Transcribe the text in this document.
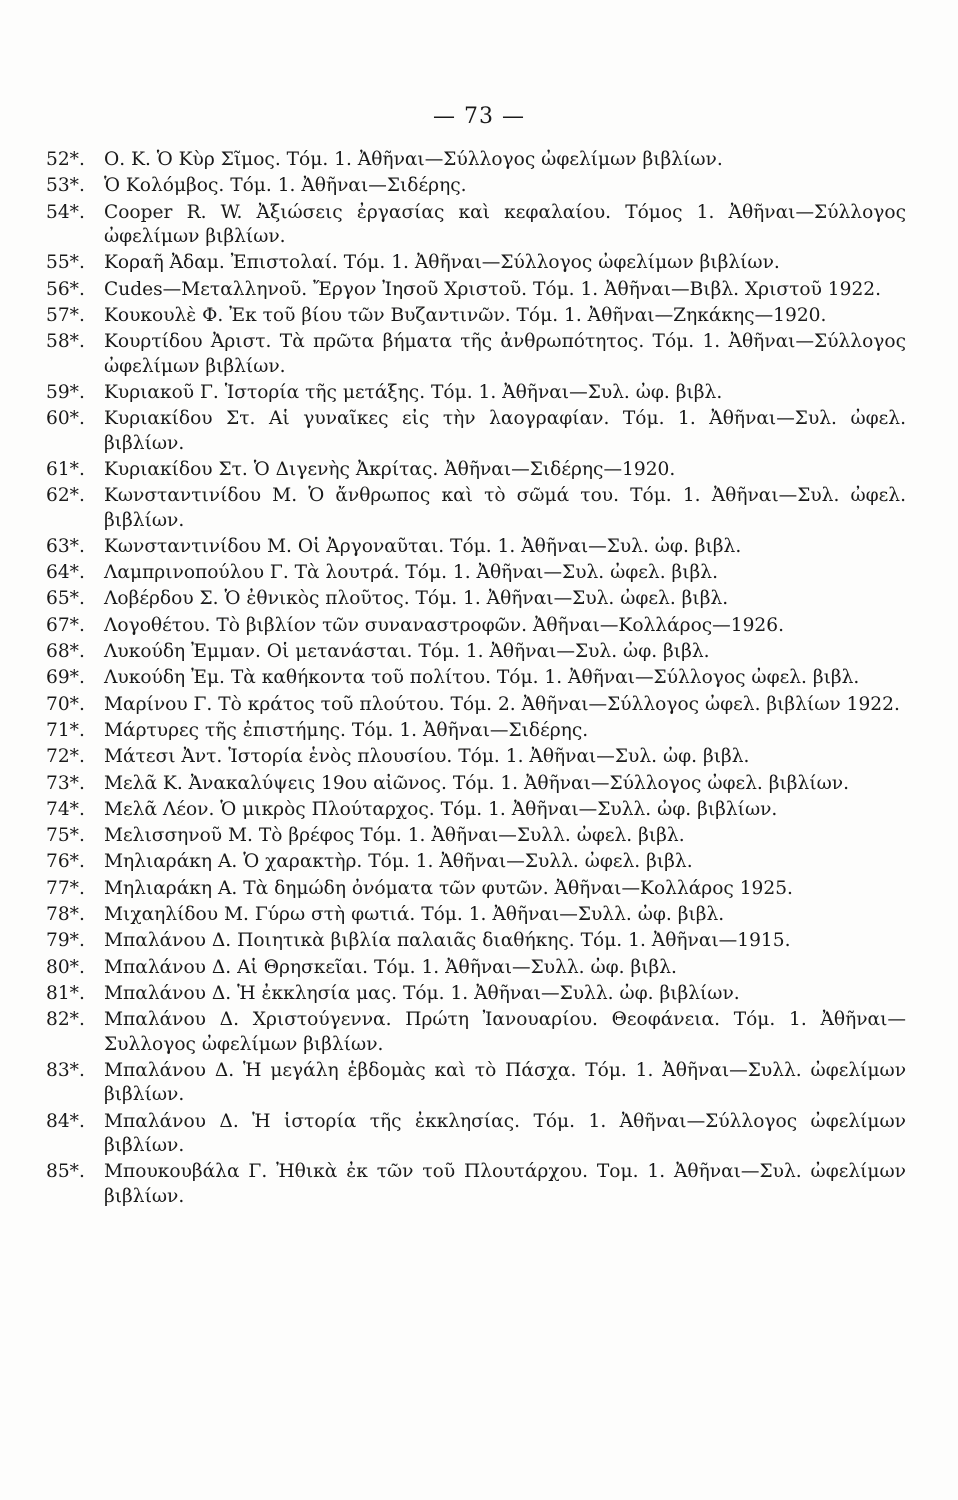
— 73 —
52*.	Ο. Κ. Ὁ Κὺρ Σῖμος. Τόμ. 1. Ἀθῆναι—Σύλλογος ὠφελίμων βιβλίων.
53*.	Ὁ Κολόμβος. Τόμ. 1. Ἀθῆναι—Σιδέρης.
54*.	Cooper R. W. Ἀξιώσεις ἐργασίας καὶ κεφαλαίου. Τόμος 1. Ἀθῆναι—Σύλλογος ὠφελίμων βιβλίων.
55*.	Κοραῆ Ἀδαμ. Ἐπιστολαί. Τόμ. 1. Ἀθῆναι—Σύλλογος ὠφελίμων βιβλίων.
56*.	Cudes—Μεταλληνοῦ. Ἔργον Ἰησοῦ Χριστοῦ. Τόμ. 1. Ἀθῆναι—Βιβλ. Χριστοῦ 1922.
57*.	Κουκουλὲ Φ. Ἐκ τοῦ βίου τῶν Βυζαντινῶν. Τόμ. 1. Ἀθῆναι—Ζηκάκης—1920.
58*.	Κουρτίδου Ἀριστ. Τὰ πρῶτα βήματα τῆς ἀνθρωπότητος. Τόμ. 1. Ἀθῆναι—Σύλλογος ὠφελίμων βιβλίων.
59*.	Κυριακοῦ Γ. Ἱστορία τῆς μετάξης. Τόμ. 1. Ἀθῆναι—Συλ. ὠφ. βιβλ.
60*.	Κυριακίδου Στ. Αἱ γυναῖκες εἰς τὴν λαογραφίαν. Τόμ. 1. Ἀθῆναι—Συλ. ὠφελ. βιβλίων.
61*.	Κυριακίδου Στ. Ὁ Διγενὴς Ἀκρίτας. Ἀθῆναι—Σιδέρης—1920.
62*.	Κωνσταντινίδου Μ. Ὁ ἄνθρωπος καὶ τὸ σῶμά του. Τόμ. 1. Ἀθῆναι—Συλ. ὠφελ. βιβλίων.
63*.	Κωνσταντινίδου Μ. Οἱ Ἀργοναῦται. Τόμ. 1. Ἀθῆναι—Συλ. ὠφ. βιβλ.
64*.	Λαμπρινοπούλου Γ. Τὰ λουτρά. Τόμ. 1. Ἀθῆναι—Συλ. ὠφελ. βιβλ.
65*.	Λοβέρδου Σ. Ὁ ἐθνικὸς πλοῦτος. Τόμ. 1. Ἀθῆναι—Συλ. ὠφελ. βιβλ.
67*.	Λογοθέτου. Τὸ βιβλίον τῶν συναναστροφῶν. Ἀθῆναι—Κολλάρος—1926.
68*.	Λυκούδη Ἐμμαν. Οἱ μετανάσται. Τόμ. 1. Ἀθῆναι—Συλ. ὠφ. βιβλ.
69*.	Λυκούδη Ἐμ. Τὰ καθήκοντα τοῦ πολίτου. Τόμ. 1. Ἀθῆναι—Σύλλογος ὠφελ. βιβλ.
70*.	Μαρίνου Γ. Τὸ κράτος τοῦ πλούτου. Τόμ. 2. Ἀθῆναι—Σύλλογος ὠφελ. βιβλίων 1922.
71*.	Μάρτυρες τῆς ἐπιστήμης. Τόμ. 1. Ἀθῆναι—Σιδέρης.
72*.	Μάτεσι Ἀντ. Ἱστορία ἑνὸς πλουσίου. Τόμ. 1. Ἀθῆναι—Συλ. ὠφ. βιβλ.
73*.	Μελᾶ Κ. Ἀνακαλύψεις 19ου αἰῶνος. Τόμ. 1. Ἀθῆναι—Σύλλογος ὠφελ. βιβλίων.
74*.	Μελᾶ Λέον. Ὁ μικρὸς Πλούταρχος. Τόμ. 1. Ἀθῆναι—Συλλ. ὠφ. βιβλίων.
75*.	Μελισσηνοῦ Μ. Τὸ βρέφος Τόμ. 1. Ἀθῆναι—Συλλ. ὠφελ. βιβλ.
76*.	Μηλιαράκη Α. Ὁ χαρακτὴρ. Τόμ. 1. Ἀθῆναι—Συλλ. ὠφελ. βιβλ.
77*.	Μηλιαράκη Α. Τὰ δημώδη ὀνόματα τῶν φυτῶν. Ἀθῆναι—Κολλάρος 1925.
78*.	Μιχαηλίδου Μ. Γύρω στὴ φωτιά. Τόμ. 1. Ἀθῆναι—Συλλ. ὠφ. βιβλ.
79*.	Μπαλάνου Δ. Ποιητικὰ βιβλία παλαιᾶς διαθήκης. Τόμ. 1. Ἀθῆναι—1915.
80*.	Μπαλάνου Δ. Αἱ Θρησκεῖαι. Τόμ. 1. Ἀθῆναι—Συλλ. ὠφ. βιβλ.
81*.	Μπαλάνου Δ. Ἡ ἐκκλησία μας. Τόμ. 1. Ἀθῆναι—Συλλ. ὠφ. βιβλίων.
82*.	Μπαλάνου Δ. Χριστούγεννα. Πρώτη Ἰανουαρίου. Θεοφάνεια. Τόμ. 1. Ἀθῆναι—Συλλογος ὠφελίμων βιβλίων.
83*.	Μπαλάνου Δ. Ἡ μεγάλη ἑβδομὰς καὶ τὸ Πάσχα. Τόμ. 1. Ἀθῆναι—Συλλ. ὠφελίμων βιβλίων.
84*.	Μπαλάνου Δ. Ἡ ἱστορία τῆς ἐκκλησίας. Τόμ. 1. Ἀθῆναι—Σύλλογος ὠφελίμων βιβλίων.
85*.	Μπουκουβάλα Γ. Ἠθικὰ ἐκ τῶν τοῦ Πλουτάρχου. Τομ. 1. Ἀθῆναι—Συλ. ὠφελίμων βιβλίων.
